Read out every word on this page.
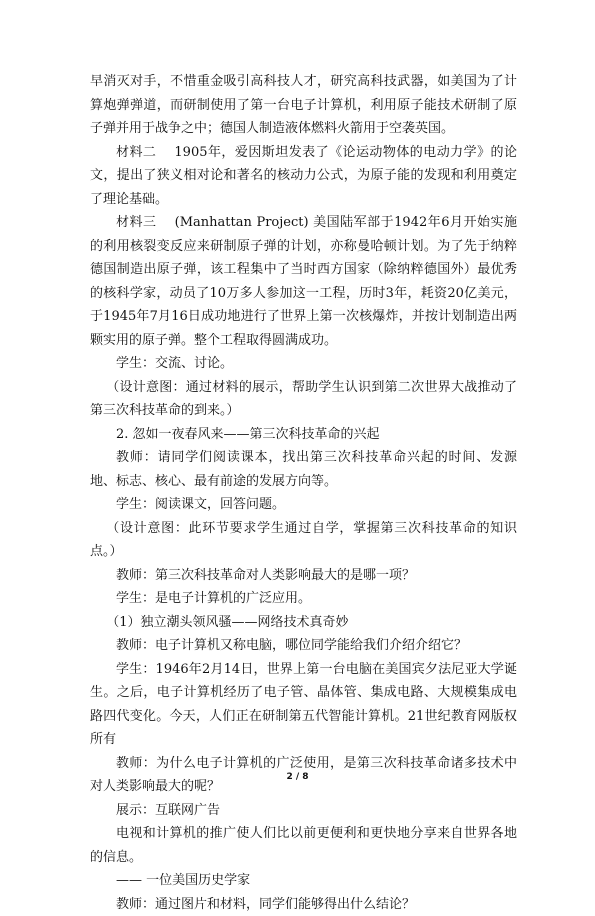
早消灭对手，不惜重金吸引高科技人才，研究高科技武器，如美国为了计算炮弹弹道，而研制使用了第一台电子计算机，利用原子能技术研制了原子弹并用于战争之中；德国人制造液体燃料火箭用于空袭英国。

材料二　 1905年，爱因斯坦发表了《论运动物体的电动力学》的论文，提出了狭义相对论和著名的核动力公式，为原子能的发现和利用奠定了理论基础。

材料三　 (Manhattan Project) 美国陆军部于1942年6月开始实施的利用核裂变反应来研制原子弹的计划，亦称曼哈顿计划。为了先于纳粹德国制造出原子弹，该工程集中了当时西方国家（除纳粹德国外）最优秀的核科学家，动员了10万多人参加这一工程，历时3年，耗资20亿美元，于1945年7月16日成功地进行了世界上第一次核爆炸，并按计划制造出两颗实用的原子弹。整个工程取得圆满成功。

学生：交流、讨论。

（设计意图：通过材料的展示，帮助学生认识到第二次世界大战推动了第三次科技革命的到来。）

2. 忽如一夜春风来——第三次科技革命的兴起

教师：请同学们阅读课本，找出第三次科技革命兴起的时间、发源地、标志、核心、最有前途的发展方向等。

学生：阅读课文，回答问题。

（设计意图：此环节要求学生通过自学，掌握第三次科技革命的知识点。）

教师：第三次科技革命对人类影响最大的是哪一项？

学生：是电子计算机的广泛应用。

（1）独立潮头领风骚——网络技术真奇妙

教师：电子计算机又称电脑，哪位同学能给我们介绍介绍它？

学生：1946年2月14日，世界上第一台电脑在美国宾夕法尼亚大学诞生。之后，电子计算机经历了电子管、晶体管、集成电路、大规模集成电路四代变化。今天，人们正在研制第五代智能计算机。21世纪教育网版权所有

教师：为什么电子计算机的广泛使用，是第三次科技革命诸多技术中对人类影响最大的呢？

展示：互联网广告

电视和计算机的推广使人们比以前更便利和更快地分享来自世界各地的信息。

—— 一位美国历史学家

教师：通过图片和材料，同学们能够得出什么结论？

2 / 8
